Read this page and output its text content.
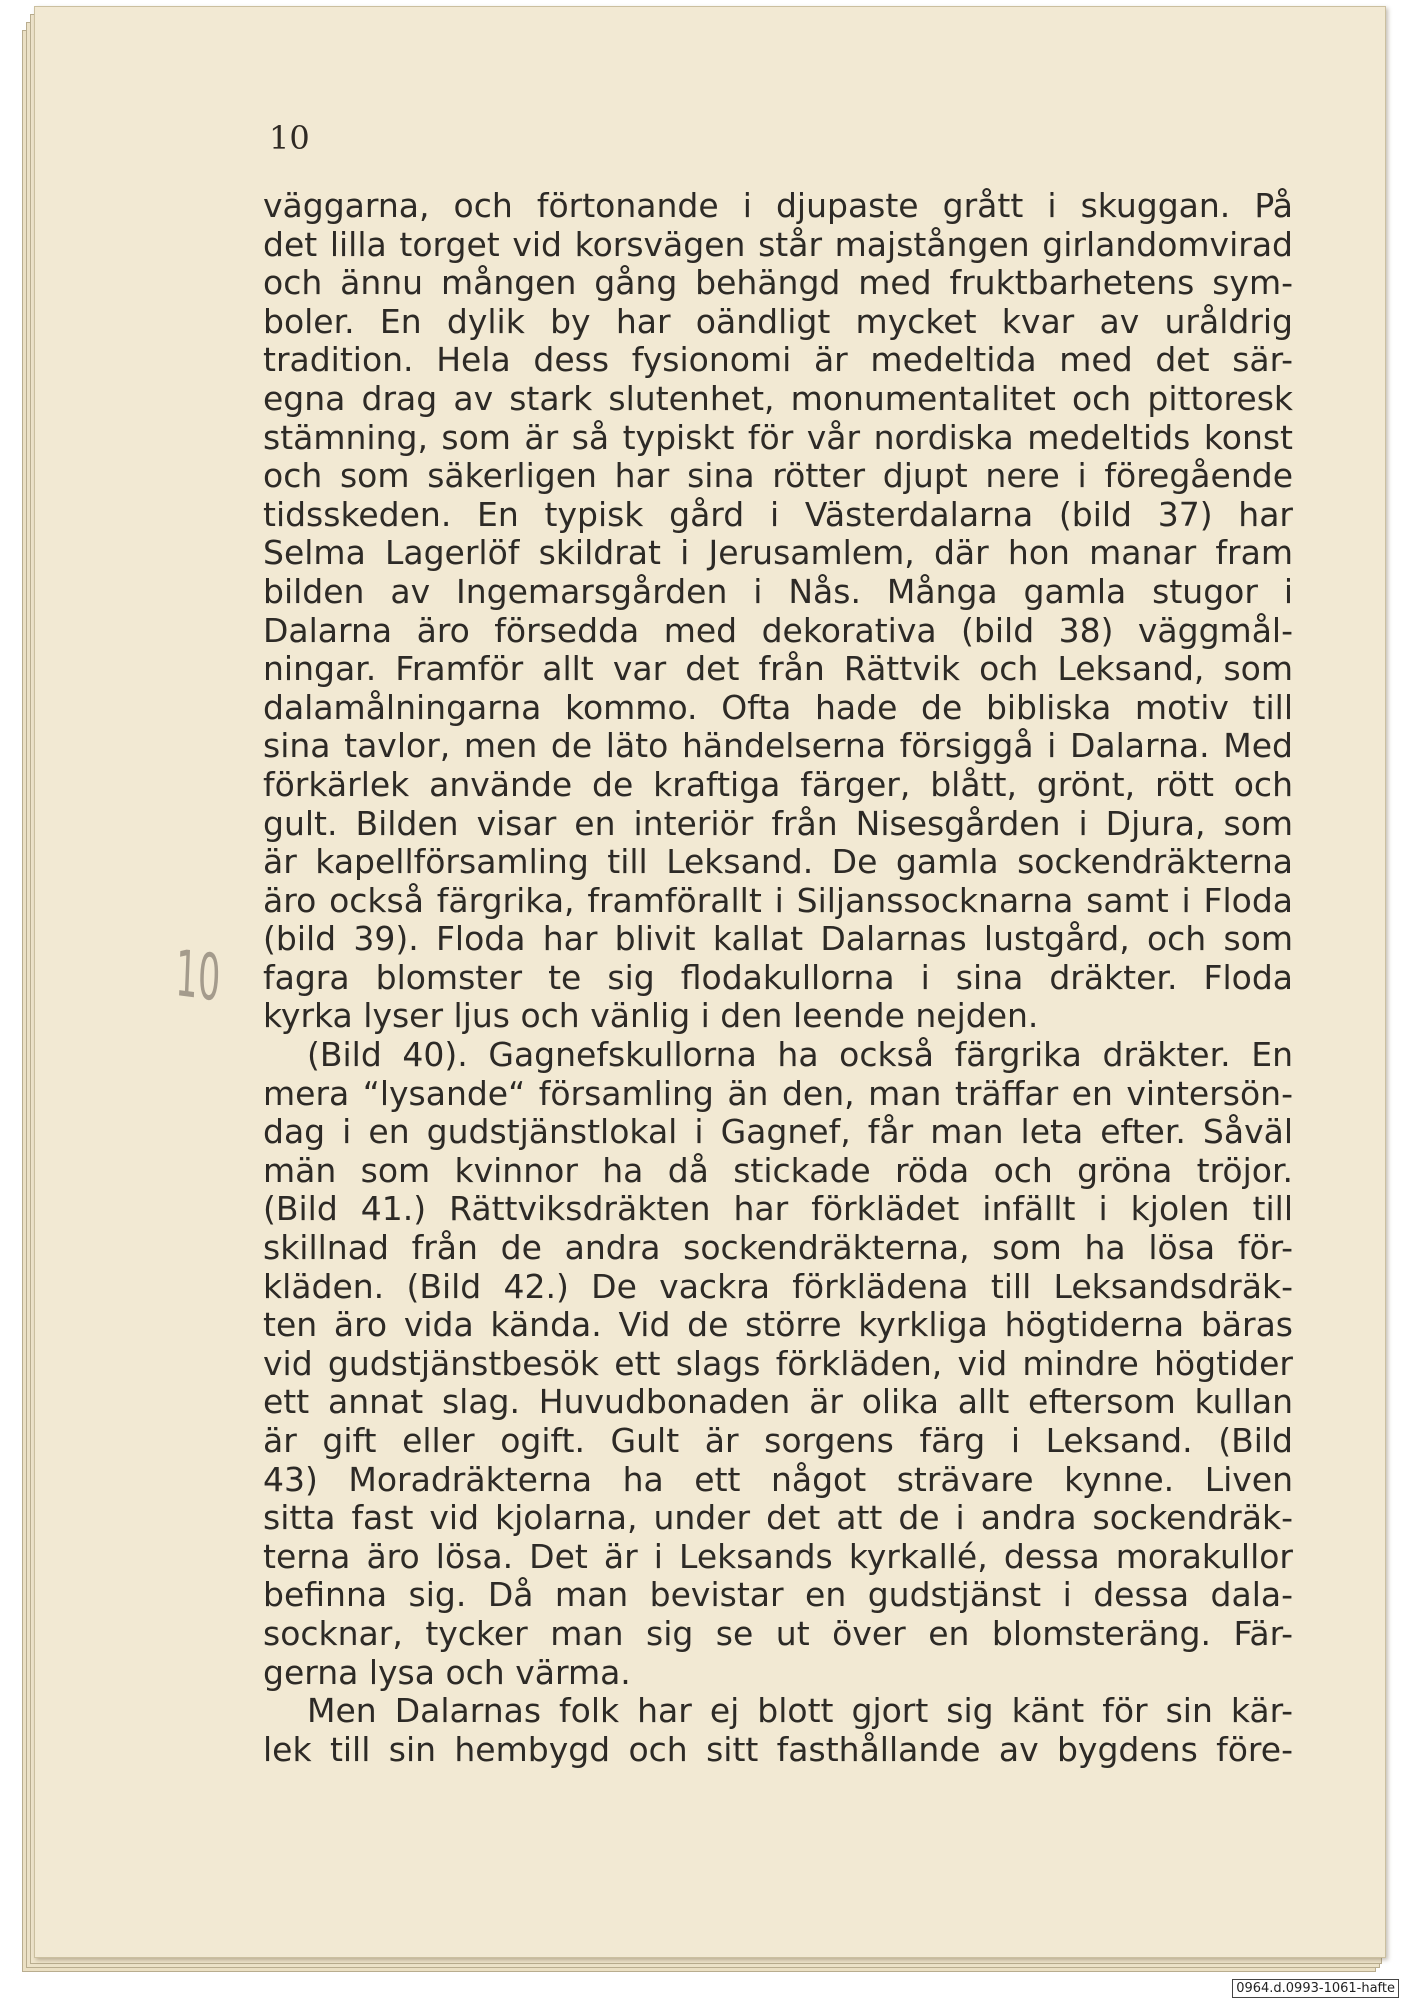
10

10
väggarna, och förtonande i djupaste grått i skuggan. På
det lilla torget vid korsvägen står majstången girlandomvirad
och ännu mången gång behängd med fruktbarhetens sym-
boler. En dylik by har oändligt mycket kvar av uråldrig
tradition. Hela dess fysionomi är medeltida med det sär-
egna drag av stark slutenhet, monumentalitet och pittoresk
stämning, som är så typiskt för vår nordiska medeltids konst
och som säkerligen har sina rötter djupt nere i föregående
tidsskeden. En typisk gård i Västerdalarna (bild 37) har
Selma Lagerlöf skildrat i Jerusamlem, där hon manar fram
bilden av Ingemarsgården i Nås. Många gamla stugor i
Dalarna äro försedda med dekorativa (bild 38) väggmål-
ningar. Framför allt var det från Rättvik och Leksand, som
dalamålningarna kommo. Ofta hade de bibliska motiv till
sina tavlor, men de läto händelserna försiggå i Dalarna. Med
förkärlek använde de kraftiga färger, blått, grönt, rött och
gult. Bilden visar en interiör från Nisesgården i Djura, som
är kapellförsamling till Leksand. De gamla sockendräkterna
äro också färgrika, framförallt i Siljanssocknarna samt i Floda
(bild 39). Floda har blivit kallat Dalarnas lustgård, och som
fagra blomster te sig flodakullorna i sina dräkter. Floda
kyrka lyser ljus och vänlig i den leende nejden.
(Bild 40). Gagnefskullorna ha också färgrika dräkter. En
mera “lysande“ församling än den, man träffar en vintersön-
dag i en gudstjänstlokal i Gagnef, får man leta efter. Såväl
män som kvinnor ha då stickade röda och gröna tröjor.
(Bild 41.) Rättviksdräkten har förklädet infällt i kjolen till
skillnad från de andra sockendräkterna, som ha lösa för-
kläden. (Bild 42.) De vackra förklädena till Leksandsdräk-
ten äro vida kända. Vid de större kyrkliga högtiderna bäras
vid gudstjänstbesök ett slags förkläden, vid mindre högtider
ett annat slag. Huvudbonaden är olika allt eftersom kullan
är gift eller ogift. Gult är sorgens färg i Leksand. (Bild
43) Moradräkterna ha ett något strävare kynne. Liven
sitta fast vid kjolarna, under det att de i andra sockendräk-
terna äro lösa. Det är i Leksands kyrkallé, dessa morakullor
befinna sig. Då man bevistar en gudstjänst i dessa dala-
socknar, tycker man sig se ut över en blomsteräng. Fär-
gerna lysa och värma.
Men Dalarnas folk har ej blott gjort sig känt för sin kär-
lek till sin hembygd och sitt fasthållande av bygdens före-
0964.d.0993-1061-hafte
